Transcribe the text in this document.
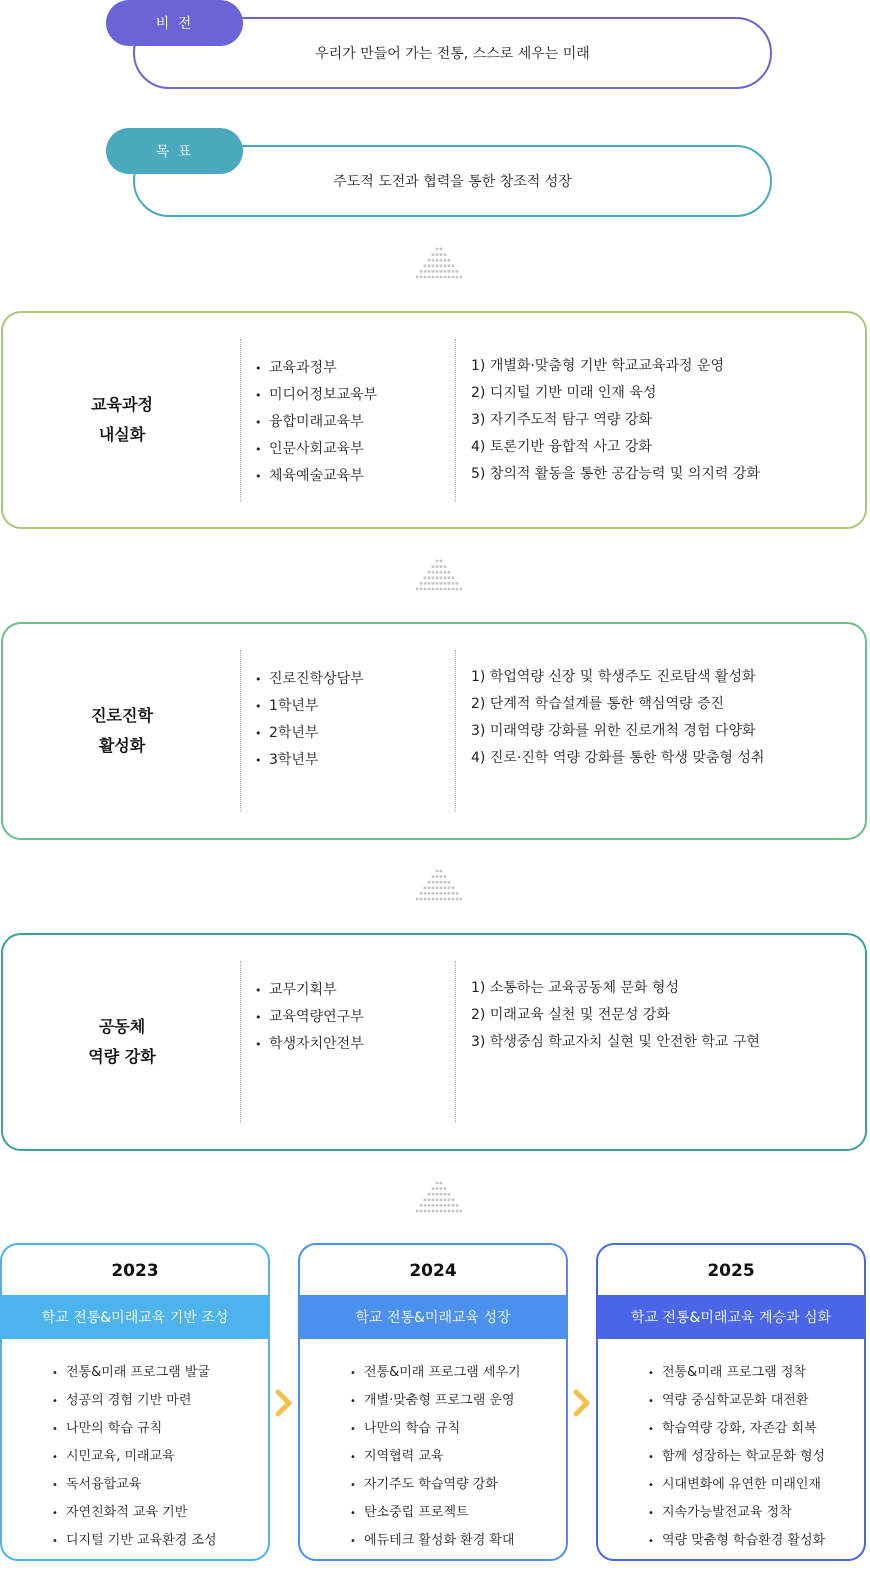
우리가 만들어 가는 전통, 스스로 세우는 미래
비 전
주도적 도전과 협력을 통한 창조적 성장
목 표
교육과정
내실화
• 교육과정부
• 미디어정보교육부
• 융합미래교육부
• 인문사회교육부
• 체육예술교육부
1) 개별화·맞춤형 기반 학교교육과정 운영
2) 디지털 기반 미래 인재 육성
3) 자기주도적 탐구 역량 강화
4) 토론기반 융합적 사고 강화
5) 창의적 활동을 통한 공감능력 및 의지력 강화
진로진학
활성화
• 진로진학상담부
• 1학년부
• 2학년부
• 3학년부
1) 학업역량 신장 및 학생주도 진로탐색 활성화
2) 단계적 학습설계를 통한 핵심역량 증진
3) 미래역량 강화를 위한 진로개척 경험 다양화
4) 진로·진학 역량 강화를 통한 학생 맞춤형 성취
공동체
역량 강화
• 교무기획부
• 교육역량연구부
• 학생자치안전부
1) 소통하는 교육공동체 문화 형성
2) 미래교육 실천 및 전문성 강화
3) 학생중심 학교자치 실현 및 안전한 학교 구현
2023
학교 전통&미래교육 기반 조성
• 전통&미래 프로그램 발굴
• 성공의 경험 기반 마련
• 나만의 학습 규칙
• 시민교육, 미래교육
• 독서융합교육
• 자연친화적 교육 기반
• 디지털 기반 교육환경 조성
2024
학교 전통&미래교육 성장
• 전통&미래 프로그램 세우기
• 개별·맞춤형 프로그램 운영
• 나만의 학습 규칙
• 지역협력 교육
• 자기주도 학습역량 강화
• 탄소중립 프로젝트
• 에듀테크 활성화 환경 확대
2025
학교 전통&미래교육 계승과 심화
• 전통&미래 프로그램 정착
• 역량 중심학교문화 대전환
• 학습역량 강화, 자존감 회복
• 함께 성장하는 학교문화 형성
• 시대변화에 유연한 미래인재
• 지속가능발전교육 정착
• 역량 맞춤형 학습환경 활성화
